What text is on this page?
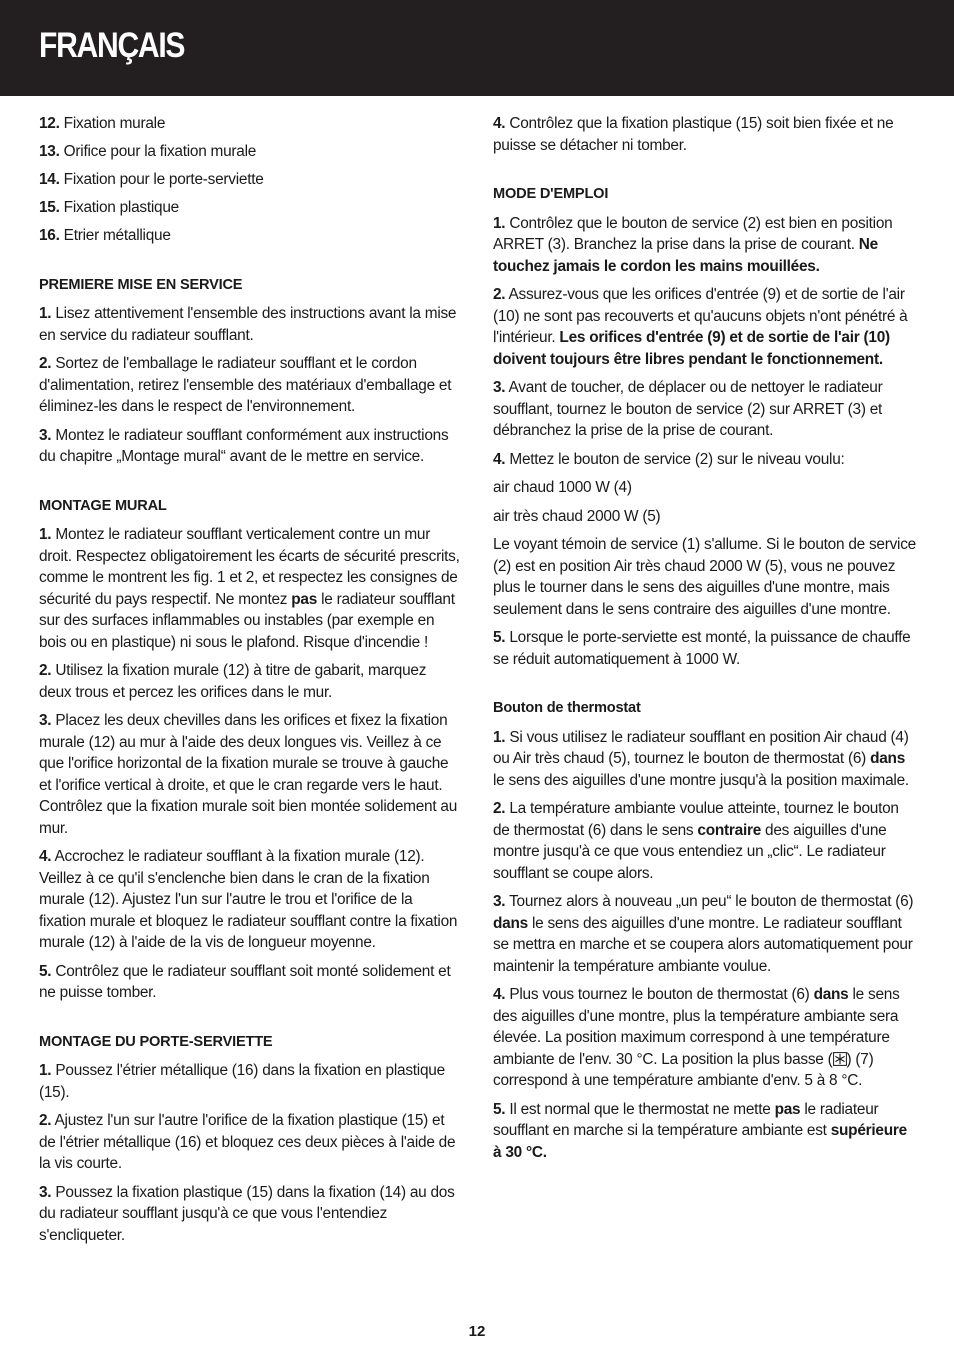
FRANÇAIS
12. Fixation murale
13. Orifice pour la fixation murale
14. Fixation pour le porte-serviette
15. Fixation plastique
16. Etrier métallique
PREMIERE MISE EN SERVICE
1. Lisez attentivement l'ensemble des instructions avant la mise en service du radiateur soufflant.
2. Sortez de l'emballage le radiateur soufflant et le cordon d'alimentation, retirez l'ensemble des matériaux d'emballage et éliminez-les dans le respect de l'environnement.
3. Montez le radiateur soufflant conformément aux instructions du chapitre „Montage mural“ avant de le mettre en service.
MONTAGE MURAL
1. Montez le radiateur soufflant verticalement contre un mur droit. Respectez obligatoirement les écarts de sécurité prescrits, comme le montrent les fig. 1 et 2, et respectez les consignes de sécurité du pays respectif. Ne montez pas le radiateur soufflant sur des surfaces inflammables ou instables (par exemple en bois ou en plastique) ni sous le plafond. Risque d'incendie !
2. Utilisez la fixation murale (12) à titre de gabarit, marquez deux trous et percez les orifices dans le mur.
3. Placez les deux chevilles dans les orifices et fixez la fixation murale (12) au mur à l'aide des deux longues vis. Veillez à ce que l'orifice horizontal de la fixation murale se trouve à gauche et l'orifice vertical à droite, et que le cran regarde vers le haut. Contrôlez que la fixation murale soit bien montée solidement au mur.
4. Accrochez le radiateur soufflant à la fixation murale (12). Veillez à ce qu'il s'enclenche bien dans le cran de la fixation murale (12). Ajustez l'un sur l'autre le trou et l'orifice de la fixation murale et bloquez le radiateur soufflant contre la fixation murale (12) à l'aide de la vis de longueur moyenne.
5. Contrôlez que le radiateur soufflant soit monté solidement et ne puisse tomber.
MONTAGE DU PORTE-SERVIETTE
1. Poussez l'étrier métallique (16) dans la fixation en plastique (15).
2. Ajustez l'un sur l'autre l'orifice de la fixation plastique (15) et de l'étrier métallique (16) et bloquez ces deux pièces à l'aide de la vis courte.
3. Poussez la fixation plastique (15) dans la fixation (14) au dos du radiateur soufflant jusqu'à ce que vous l'entendiez s'encliqueter.
4. Contrôlez que la fixation plastique (15) soit bien fixée et ne puisse se détacher ni tomber.
MODE D'EMPLOI
1. Contrôlez que le bouton de service (2) est bien en position ARRET (3). Branchez la prise dans la prise de courant. Ne touchez jamais le cordon les mains mouillées.
2. Assurez-vous que les orifices d'entrée (9) et de sortie de l'air (10) ne sont pas recouverts et qu'aucuns objets n'ont pénétré à l'intérieur. Les orifices d'entrée (9) et de sortie de l'air (10) doivent toujours être libres pendant le fonctionnement.
3. Avant de toucher, de déplacer ou de nettoyer le radiateur soufflant, tournez le bouton de service (2) sur ARRET (3) et débranchez la prise de la prise de courant.
4. Mettez le bouton de service (2) sur le niveau voulu:
air chaud 1000 W (4)
air très chaud 2000 W (5)
Le voyant témoin de service (1) s'allume. Si le bouton de service (2) est en position Air très chaud 2000 W (5), vous ne pouvez plus le tourner dans le sens des aiguilles d'une montre, mais seulement dans le sens contraire des aiguilles d'une montre.
5. Lorsque le porte-serviette est monté, la puissance de chauffe se réduit automatiquement à 1000 W.
Bouton de thermostat
1. Si vous utilisez le radiateur soufflant en position Air chaud (4) ou Air très chaud (5), tournez le bouton de thermostat (6) dans le sens des aiguilles d'une montre jusqu'à la position maximale.
2. La température ambiante voulue atteinte, tournez le bouton de thermostat (6) dans le sens contraire des aiguilles d'une montre jusqu'à ce que vous entendiez un „clic“. Le radiateur soufflant se coupe alors.
3. Tournez alors à nouveau „un peu“ le bouton de thermostat (6) dans le sens des aiguilles d'une montre. Le radiateur soufflant se mettra en marche et se coupera alors automatiquement pour maintenir la température ambiante voulue.
4. Plus vous tournez le bouton de thermostat (6) dans le sens des aiguilles d'une montre, plus la température ambiante sera élevée. La position maximum correspond à une température ambiante de l'env. 30 °C. La position la plus basse ( ) (7) correspond à une température ambiante d'env. 5 à 8 °C.
5. Il est normal que le thermostat ne mette pas le radiateur soufflant en marche si la température ambiante est supérieure à 30 °C.
12
